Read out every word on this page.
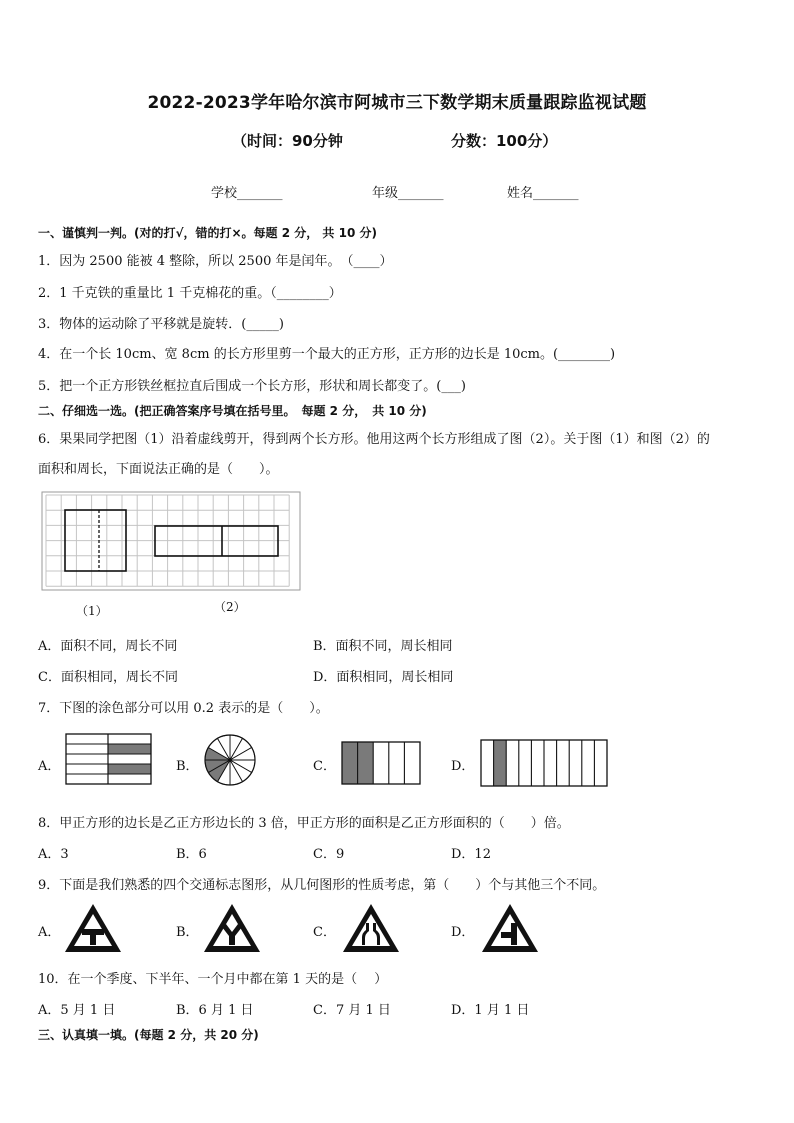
2022-2023学年哈尔滨市阿城市三下数学期末质量跟踪监视试题
（时间：90分钟	分数：100分）
学校_______	年级_______	姓名_______
一、谨慎判一判。(对的打√，错的打×。每题 2 分， 共 10 分)
1．因为 2500 能被 4 整除，所以 2500 年是闰年。　（____）
2．1 千克铁的重量比 1 千克棉花的重。（________）
3．物体的运动除了平移就是旋转．(_____)
4．在一个长 10cm、宽 8cm 的长方形里剪一个最大的正方形，正方形的边长是 10cm。(________)
5．把一个正方形铁丝框拉直后围成一个长方形，形状和周长都变了。(___)
二、仔细选一选。(把正确答案序号填在括号里。　每题 2 分，　共 10 分)
6．果果同学把图（1）沿着虚线剪开，得到两个长方形。他用这两个长方形组成了图（2）。关于图（1）和图（2）的
面积和周长，下面说法正确的是（　　）。
（1）	（2）
A．面积不同，周长不同	B．面积不同，周长相同
C．面积相同，周长不同	D．面积相同，周长相同
7．下图的涂色部分可以用 0.2 表示的是（　　）。
A．	B．	C．	D．
8．甲正方形的边长是乙正方形边长的 3 倍，甲正方形的面积是乙正方形面积的（　　）倍。
A．3	B．6	C．9	D．12
9．下面是我们熟悉的四个交通标志图形，从几何图形的性质考虑，第（　　）个与其他三个不同。
A．	B．	C．	D．
10．在一个季度、下半年、一个月中都在第 1 天的是（　 ）
A．5 月 1 日	B．6 月 1 日	C．7 月 1 日	D．1 月 1 日
三、认真填一填。(每题 2 分，共 20 分)
